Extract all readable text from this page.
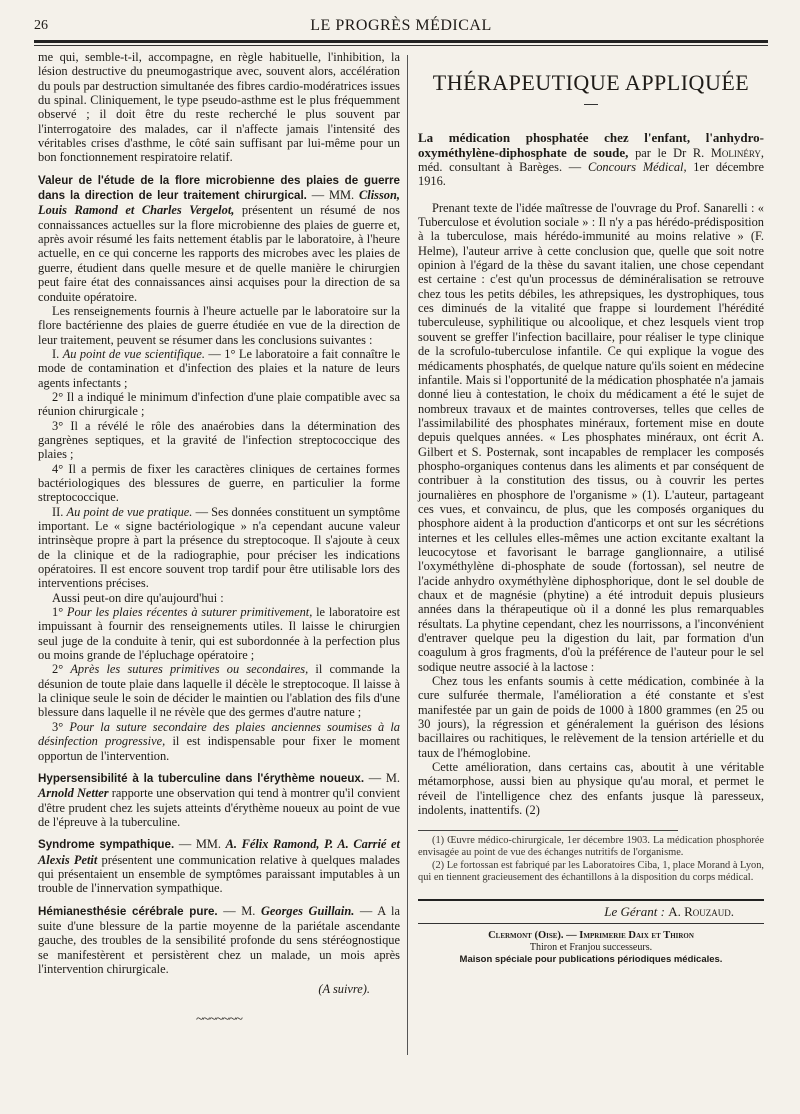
26	LE PROGRÈS MÉDICAL

me qui, semble-t-il, accompagne, en règle habituelle, l'inhibition, la lésion destructive du pneumogastrique avec, souvent alors, accélération du pouls par destruction simultanée des fibres cardio-modératrices issues du spinal. Cliniquement, le type pseudo-asthme est le plus fréquemment observé ; il doit être du reste recherché le plus souvent par l'interrogatoire des malades, car il n'affecte jamais l'intensité des véritables crises d'asthme, le côté sain suffisant par lui-même pour un bon fonctionnement respiratoire relatif.

Valeur de l'étude de la flore microbienne des plaies de guerre dans la direction de leur traitement chirurgical. — MM. Clisson, Louis Ramond et Charles Vergelot, présentent un résumé de nos connaissances actuelles sur la flore microbienne des plaies de guerre et, après avoir résumé les faits nettement établis par le laboratoire, à l'heure actuelle, en ce qui concerne les rapports des microbes avec les plaies de guerre, étudient dans quelle mesure et de quelle manière le chirurgien peut faire état des connaissances ainsi acquises pour la direction de sa conduite opératoire.

Les renseignements fournis à l'heure actuelle par le laboratoire sur la flore bactérienne des plaies de guerre étudiée en vue de la direction de leur traitement, peuvent se résumer dans les conclusions suivantes :

I. Au point de vue scientifique. — 1° Le laboratoire a fait connaître le mode de contamination et d'infection des plaies et la nature de leurs agents infectants ;

2° Il a indiqué le minimum d'infection d'une plaie compatible avec sa réunion chirurgicale ;

3° Il a révélé le rôle des anaérobies dans la détermination des gangrènes septiques, et la gravité de l'infection streptococcique des plaies ;

4° Il a permis de fixer les caractères cliniques de certaines formes bactériologiques des blessures de guerre, en particulier la forme streptococcique.

II. Au point de vue pratique. — Ses données constituent un symptôme important. Le « signe bactériologique » n'a cependant aucune valeur intrinsèque propre à part la présence du streptocoque. Il s'ajoute à ceux de la clinique et de la radiographie, pour préciser les indications opératoires. Il est encore souvent trop tardif pour être utilisable lors des interventions précises.

Aussi peut-on dire qu'aujourd'hui :

1° Pour les plaies récentes à suturer primitivement, le laboratoire est impuissant à fournir des renseignements utiles. Il laisse le chirurgien seul juge de la conduite à tenir, qui est subordonnée à la perfection plus ou moins grande de l'épluchage opératoire ;

2° Après les sutures primitives ou secondaires, il commande la désunion de toute plaie dans laquelle il décèle le streptocoque. Il laisse à la clinique seule le soin de décider le maintien ou l'ablation des fils d'une blessure dans laquelle il ne révèle que des germes d'autre nature ;

3° Pour la suture secondaire des plaies anciennes soumises à la désinfection progressive, il est indispensable pour fixer le moment opportun de l'intervention.

Hypersensibilité à la tuberculine dans l'érythème noueux. — M. Arnold Netter rapporte une observation qui tend à montrer qu'il convient d'être prudent chez les sujets atteints d'érythème noueux au point de vue de l'épreuve à la tuberculine.

Syndrome sympathique. — MM. A. Félix Ramond, P. A. Carrié et Alexis Petit présentent une communication relative à quelques malades qui présentaient un ensemble de symptômes paraissant imputables à un trouble de l'innervation sympathique.

Hémianesthésie cérébrale pure. — M. Georges Guillain. — A la suite d'une blessure de la partie moyenne de la pariétale ascendante gauche, des troubles de la sensibilité profonde du sens stéréognostique se manifestèrent et persistèrent chez un malade, un mois après l'intervention chirurgicale.

(A suivre).
~~~~~~~
THÉRAPEUTIQUE APPLIQUÉE

La médication phosphatée chez l'enfant, l'anhydro-oxyméthylène-diphosphate de soude, par le Dr R. Molinéry, méd. consultant à Barèges. — Concours Médical, 1er décembre 1916.

Prenant texte de l'idée maîtresse de l'ouvrage du Prof. Sanarelli : « Tuberculose et évolution sociale » : Il n'y a pas hérédo-prédisposition à la tuberculose, mais hérédo-immunité au moins relative » (F. Helme), l'auteur arrive à cette conclusion que, quelle que soit notre opinion à l'égard de la thèse du savant italien, une chose cependant est certaine : c'est qu'un processus de déminéralisation se retrouve chez tous les petits débiles, les athrepsiques, les dystrophiques, tous ces diminués de la vitalité que frappe si lourdement l'hérédité tuberculeuse, syphilitique ou alcoolique, et chez lesquels vient trop souvent se greffer l'infection bacillaire, pour réaliser le type clinique de la scrofulo-tuberculose infantile. Ce qui explique la vogue des médicaments phosphatés, de quelque nature qu'ils soient en médecine infantile. Mais si l'opportunité de la médication phosphatée n'a jamais donné lieu à contestation, le choix du médicament a été le sujet de nombreux travaux et de maintes controverses, telles que celles de l'assimilabilité des phosphates minéraux, fortement mise en doute depuis quelques années. « Les phosphates minéraux, ont écrit A. Gilbert et S. Posternak, sont incapables de remplacer les composés phospho-organiques contenus dans les aliments et par conséquent de contribuer à la constitution des tissus, ou à couvrir les pertes journalières en phosphore de l'organisme » (1). L'auteur, partageant ces vues, et convaincu, de plus, que les composés organiques du phosphore aident à la production d'anticorps et ont sur les sécrétions internes et les cellules elles-mêmes une action excitante exaltant la leucocytose et favorisant le barrage ganglionnaire, a utilisé l'oxyméthylène di-phosphate de soude (fortossan), sel neutre de l'acide anhydro oxyméthylène diphosphorique, dont le sel double de chaux et de magnésie (phytine) a été introduit depuis plusieurs années dans la thérapeutique où il a donné les plus remarquables résultats. La phytine cependant, chez les nourrissons, a l'inconvénient d'entraver quelque peu la digestion du lait, par formation d'un coagulum à gros fragments, d'où la préférence de l'auteur pour le sel sodique neutre associé à la lactose :

Chez tous les enfants soumis à cette médication, combinée à la cure sulfurée thermale, l'amélioration a été constante et s'est manifestée par un gain de poids de 1000 à 1800 grammes (en 25 ou 30 jours), la régression et généralement la guérison des lésions bacillaires ou rachitiques, le relèvement de la tension artérielle et du taux de l'hémoglobine.

Cette amélioration, dans certains cas, aboutit à une véritable métamorphose, aussi bien au physique qu'au moral, et permet le réveil de l'intelligence chez des enfants jusque là paresseux, indolents, inattentifs. (2)

(1) Œuvre médico-chirurgicale, 1er décembre 1903. La médication phosphorée envisagée au point de vue des échanges nutritifs de l'organisme.

(2) Le fortossan est fabriqué par les Laboratoires Ciba, 1, place Morand à Lyon, qui en tiennent gracieusement des échantillons à la disposition du corps médical.

Le Gérant : A. Rouzaud.
Clermont (Oise). — Imprimerie Daix et Thiron
Thiron et Franjou successeurs.
Maison spéciale pour publications périodiques médicales.
